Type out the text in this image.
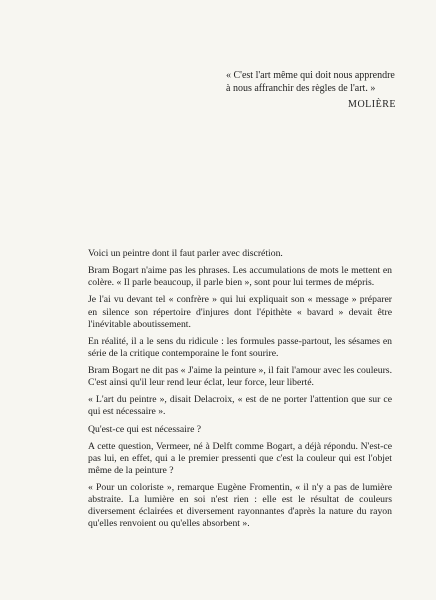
« C'est l'art même qui doit nous apprendre à nous affranchir des règles de l'art. »

MOLIÈRE

Voici un peintre dont il faut parler avec discrétion.

Bram Bogart n'aime pas les phrases. Les accumulations de mots le mettent en colère. « Il parle beaucoup, il parle bien », sont pour lui termes de mépris.

Je l'ai vu devant tel « confrère » qui lui expliquait son « message » préparer en silence son répertoire d'injures dont l'épithète « bavard » devait être l'inévitable aboutissement.

En réalité, il a le sens du ridicule : les formules passe-partout, les sésames en série de la critique contemporaine le font sourire.

Bram Bogart ne dit pas « J'aime la peinture », il fait l'amour avec les couleurs. C'est ainsi qu'il leur rend leur éclat, leur force, leur liberté.

« L'art du peintre », disait Delacroix, « est de ne porter l'attention que sur ce qui est nécessaire ».

Qu'est-ce qui est nécessaire ?

A cette question, Vermeer, né à Delft comme Bogart, a déjà répondu. N'est-ce pas lui, en effet, qui a le premier pressenti que c'est la couleur qui est l'objet même de la peinture ?

« Pour un coloriste », remarque Eugène Fromentin, « il n'y a pas de lumière abstraite. La lumière en soi n'est rien : elle est le résultat de couleurs diversement éclairées et diversement rayonnantes d'après la nature du rayon qu'elles renvoient ou qu'elles absorbent ».
